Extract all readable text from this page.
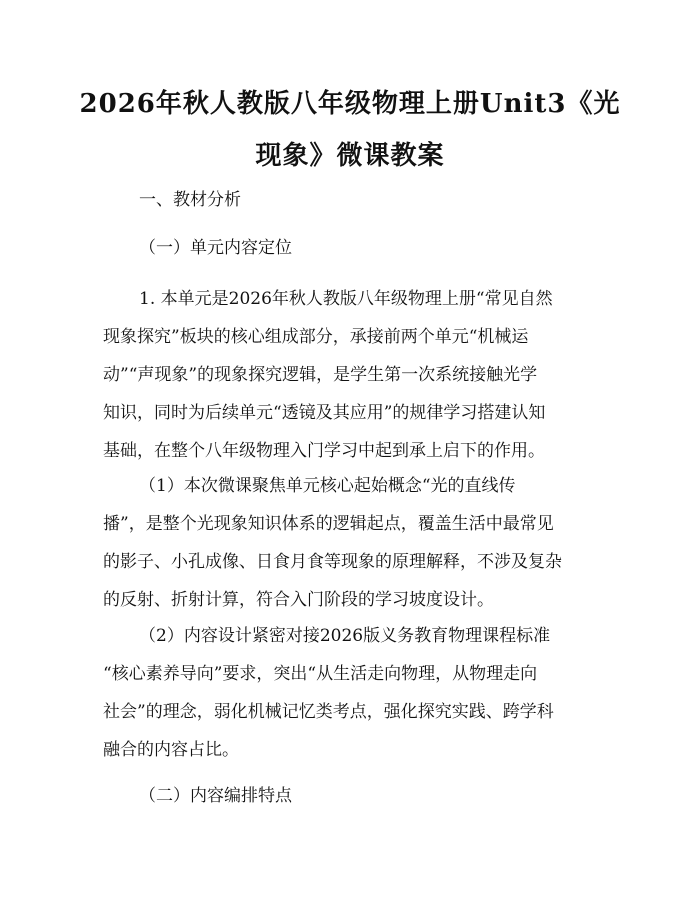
2026年秋人教版八年级物理上册Unit3《光
现象》微课教案
一、教材分析
（一）单元内容定位
1. 本单元是2026年秋人教版八年级物理上册“常见自然
现象探究”板块的核心组成部分，承接前两个单元“机械运
动”“声现象”的现象探究逻辑，是学生第一次系统接触光学
知识，同时为后续单元“透镜及其应用”的规律学习搭建认知
基础，在整个八年级物理入门学习中起到承上启下的作用。
（1）本次微课聚焦单元核心起始概念“光的直线传
播”，是整个光现象知识体系的逻辑起点，覆盖生活中最常见
的影子、小孔成像、日食月食等现象的原理解释，不涉及复杂
的反射、折射计算，符合入门阶段的学习坡度设计。
（2）内容设计紧密对接2026版义务教育物理课程标准
“核心素养导向”要求，突出“从生活走向物理，从物理走向
社会”的理念，弱化机械记忆类考点，强化探究实践、跨学科
融合的内容占比。
（二）内容编排特点
